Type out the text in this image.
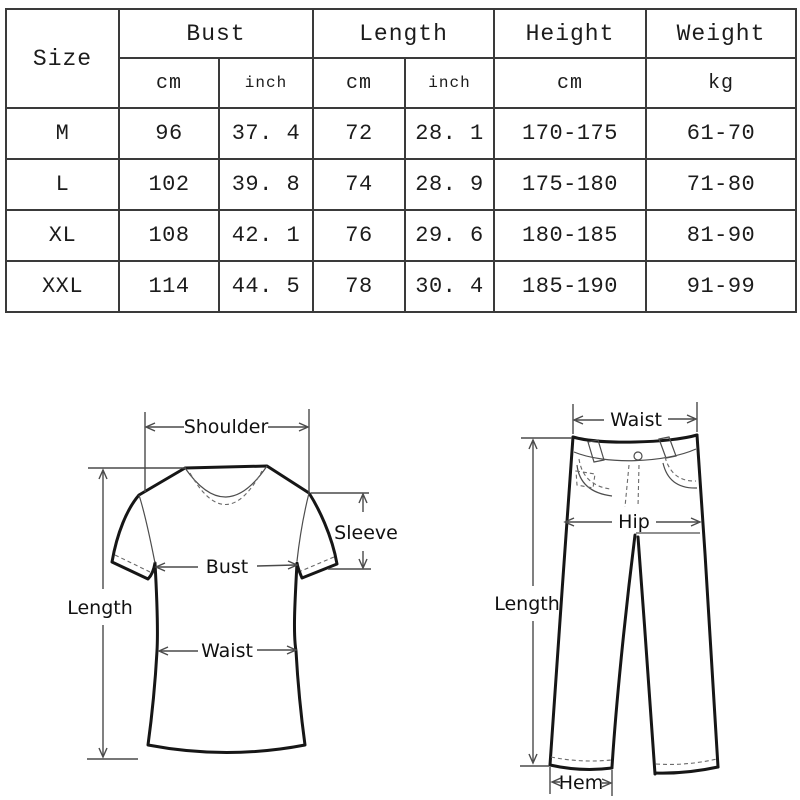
Size	Bust		Length		Height	Weight
	cm	inch	cm	inch	cm	kg
M	96	37. 4	72	28. 1	170-175	61-70
L	102	39. 8	74	28. 9	175-180	71-80
XL	108	42. 1	76	29. 6	180-185	81-90
XXL	114	44. 5	78	30. 4	185-190	91-99
Shoulder
Sleeve
Bust
Length
Waist
Waist
Hip
Length
Hem
